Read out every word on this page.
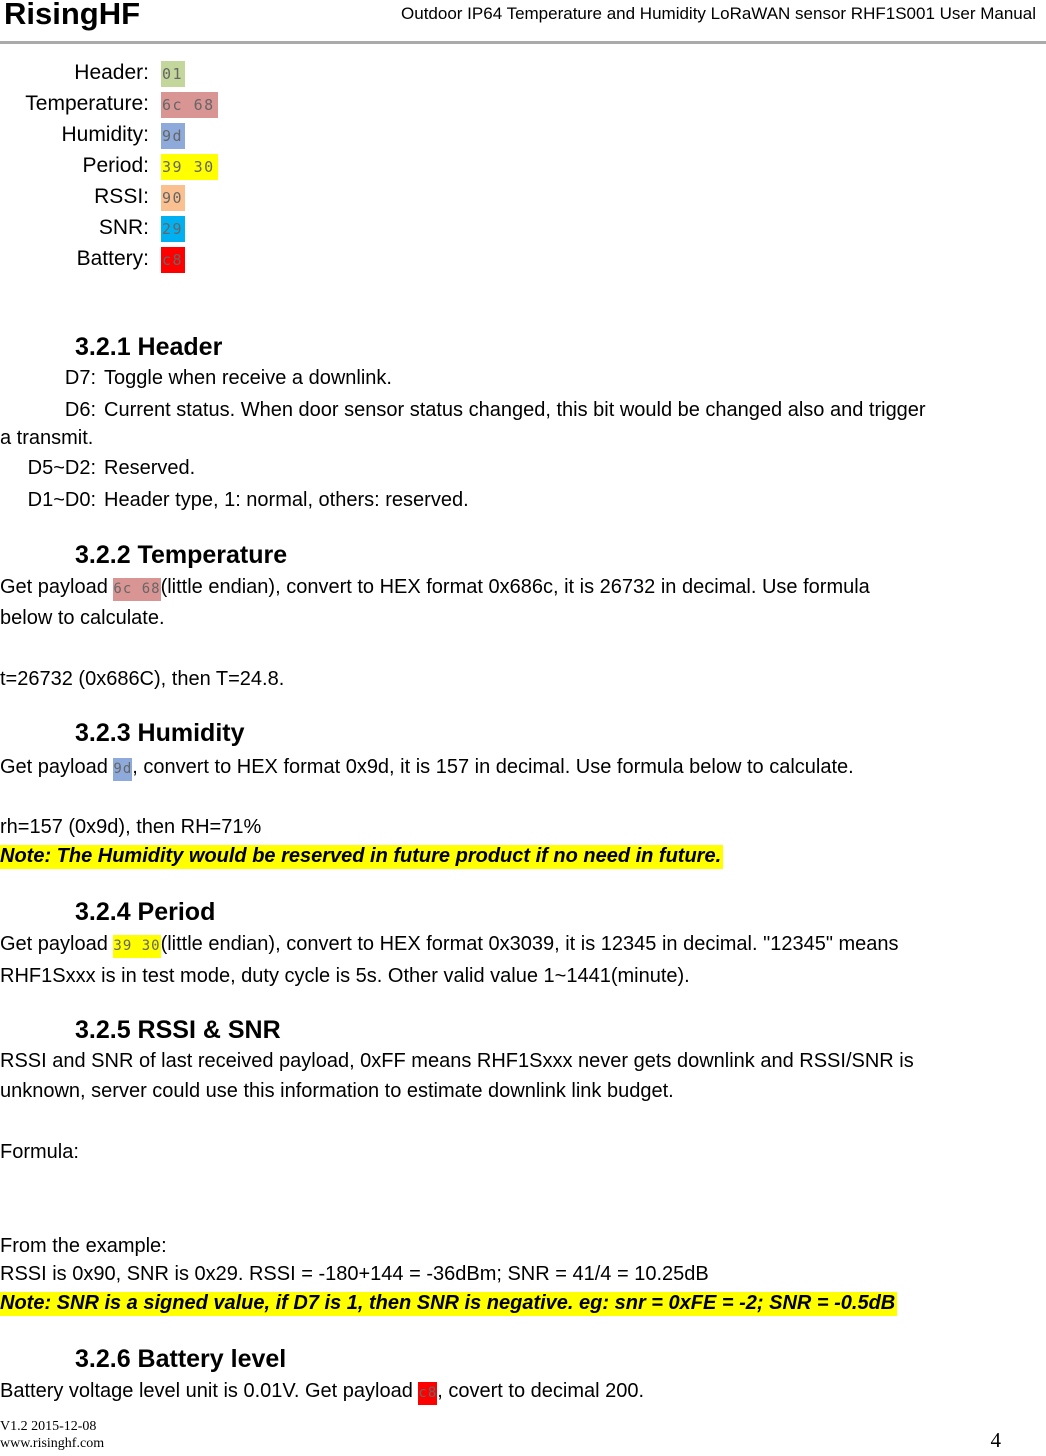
RisingHF	Outdoor IP64 Temperature and Humidity LoRaWAN sensor RHF1S001 User Manual
Header: 01
Temperature: 6c 68
Humidity: 9d
Period: 39 30
RSSI: 90
SNR: 29
Battery: c8
3.2.1 Header
D7: Toggle when receive a downlink.
D6: Current status. When door sensor status changed, this bit would be changed also and trigger
a transmit.
D5~D2: Reserved.
D1~D0: Header type, 1: normal, others: reserved.
3.2.2 Temperature
Get payload 6c 68(little endian), convert to HEX format 0x686c, it is 26732 in decimal. Use formula
below to calculate.
t=26732 (0x686C), then T=24.8.
3.2.3 Humidity
Get payload 9d, convert to HEX format 0x9d, it is 157 in decimal. Use formula below to calculate.
rh=157 (0x9d), then RH=71%
Note: The Humidity would be reserved in future product if no need in future.
3.2.4 Period
Get payload 39 30(little endian), convert to HEX format 0x3039, it is 12345 in decimal. "12345" means
RHF1Sxxx is in test mode, duty cycle is 5s. Other valid value 1~1441(minute).
3.2.5 RSSI & SNR
RSSI and SNR of last received payload, 0xFF means RHF1Sxxx never gets downlink and RSSI/SNR is
unknown, server could use this information to estimate downlink link budget.
Formula:
From the example:
RSSI is 0x90, SNR is 0x29. RSSI = -180+144 = -36dBm; SNR = 41/4 = 10.25dB
Note: SNR is a signed value, if D7 is 1, then SNR is negative. eg: snr = 0xFE = -2; SNR = -0.5dB
3.2.6 Battery level
Battery voltage level unit is 0.01V. Get payload c8, covert to decimal 200.
V1.2 2015-12-08
www.risinghf.com	4
